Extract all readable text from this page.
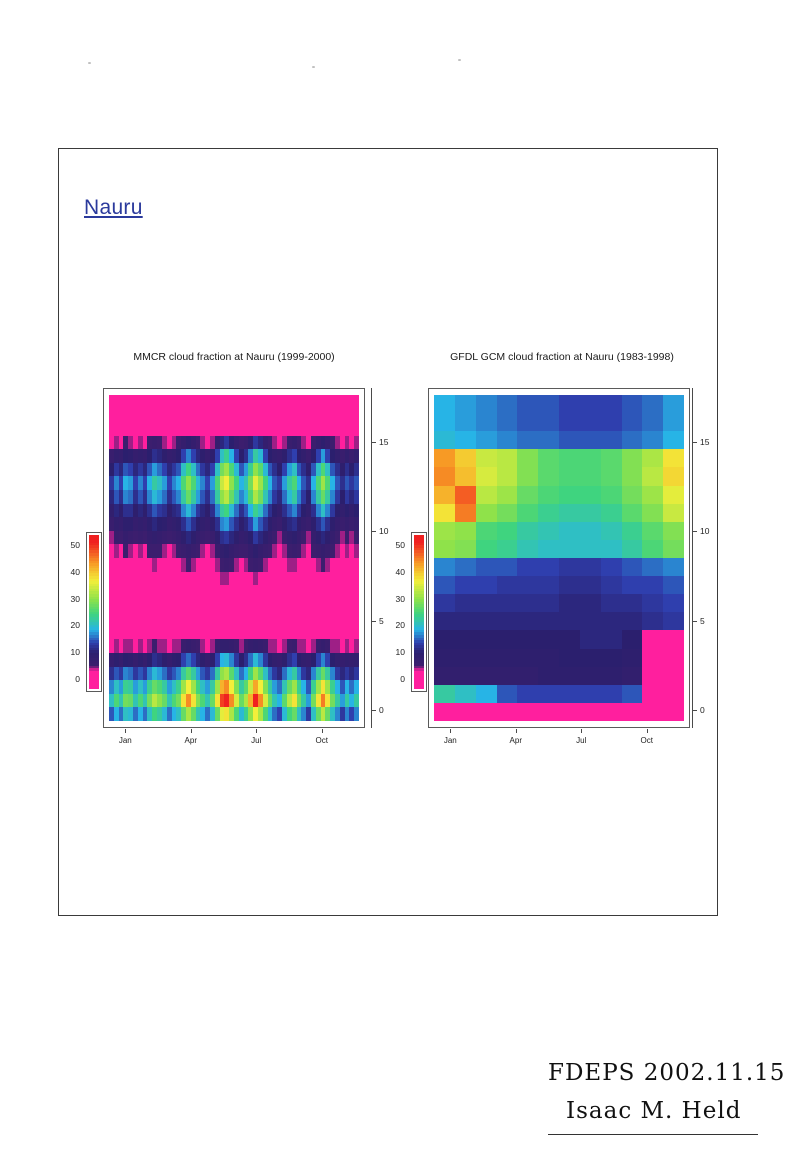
Nauru
MMCR cloud fraction at Nauru (1999-2000)
0
5
10
15
Jan	Apr	Jul	Oct
0
10
20
30
40
50
GFDL GCM cloud fraction at Nauru (1983-1998)
0
5
10
15
Jan	Apr	Jul	Oct
0
10
20
30
40
50
FDEPS 2002.11.15
Isaac M. Held
